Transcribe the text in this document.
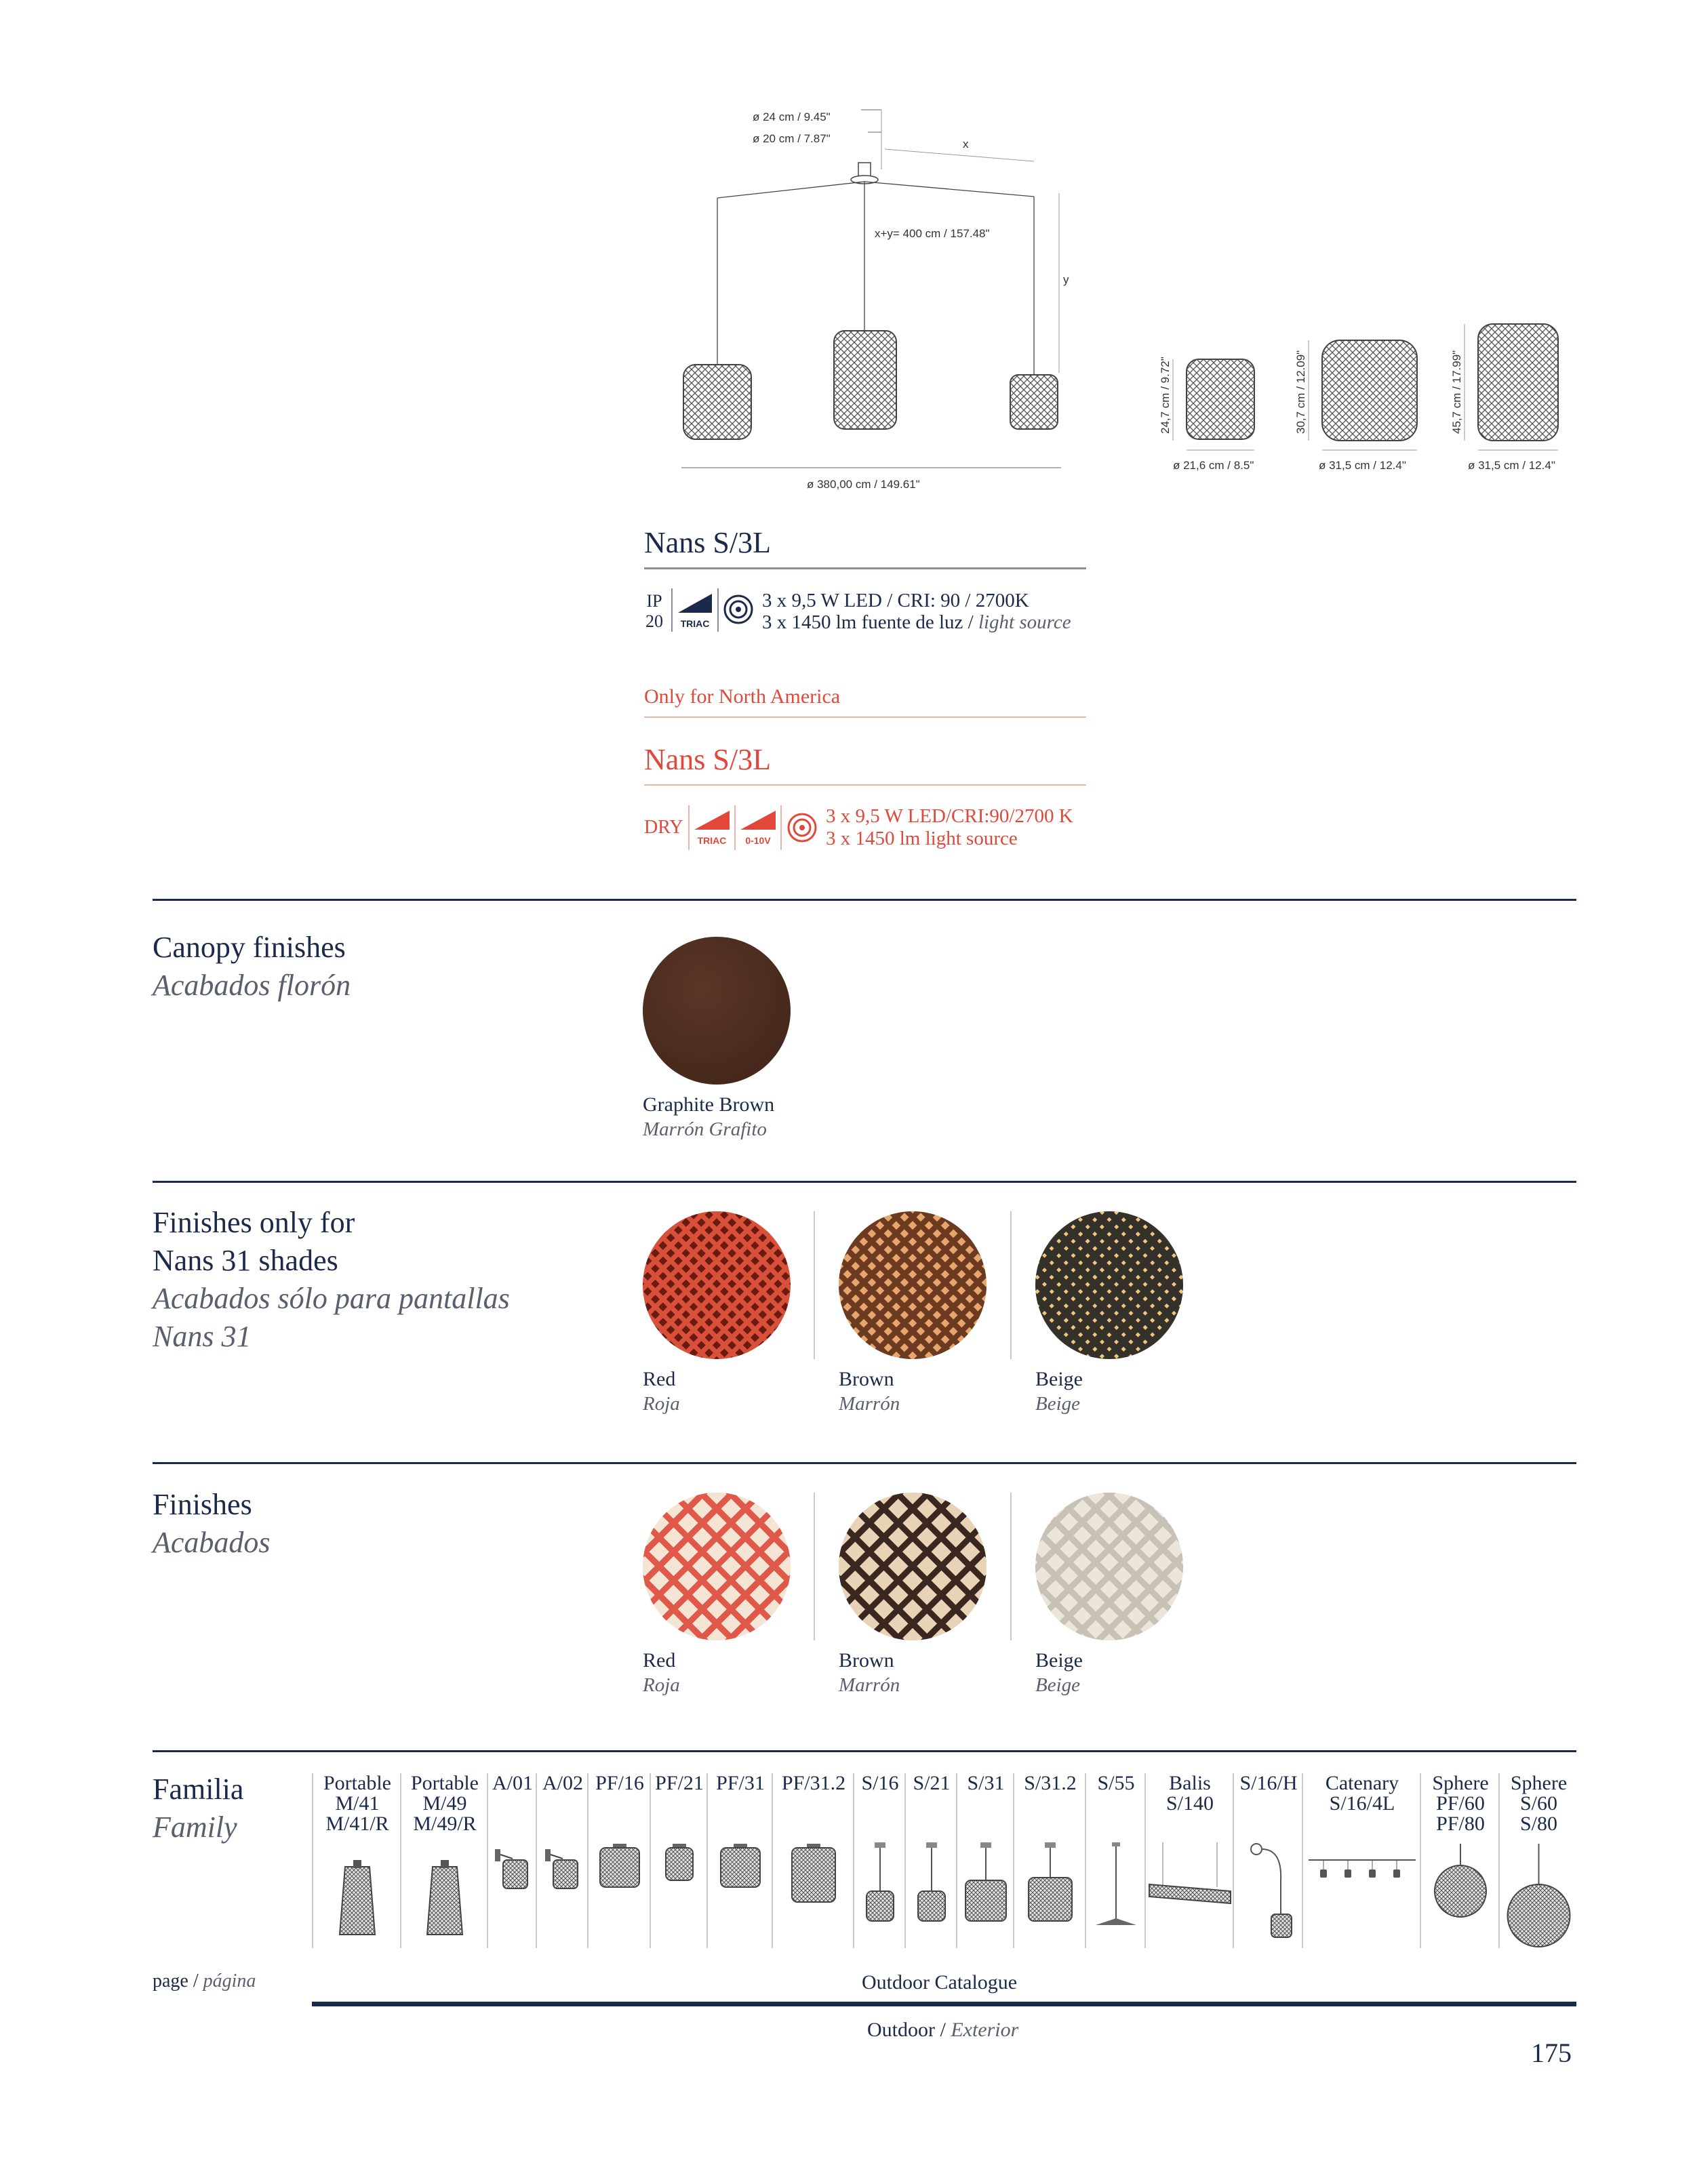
x
y
x+y= 400 cm / 157.48"
ø 380,00 cm / 149.61"
ø 24 cm / 9.45"
ø 20 cm / 7.87"
24,7 cm / 9.72"	30,7 cm / 12.09"	45,7 cm / 17.99"
ø 21,6 cm / 8.5"	ø 31,5 cm / 12.4"	ø 31,5 cm / 12.4"
Nans S/3L
IP
20	TRIAC
3 x 9,5 W LED / CRI: 90 / 2700K
3 x 1450 lm fuente de luz / light source
Only for North America
Nans S/3L
DRY
TRIAC	0-10V
3 x 9,5 W LED/CRI:90/2700 K
3 x 1450 lm light source
Canopy finishes
Acabados florón
Graphite Brown
Marrón Grafito
Finishes only for
Nans 31 shades
Acabados sólo para pantallas
Nans 31
Red
Roja
Brown
Marrón
Beige
Beige
Finishes
Acabados
Red
Roja
Brown
Marrón
Beige
Beige
Familia
Family
Portable
M/41
M/41/R
Portable
M/49
M/49/R
A/01 A/02 PF/16 PF/21 PF/31 PF/31.2 S/16 S/21 S/31 S/31.2	S/55	Balis
S/140
S/16/H	Catenary
S/16/4L
Sphere
PF/60
PF/80
Sphere
S/60
S/80
page / página	Outdoor Catalogue
Outdoor / Exterior
175
